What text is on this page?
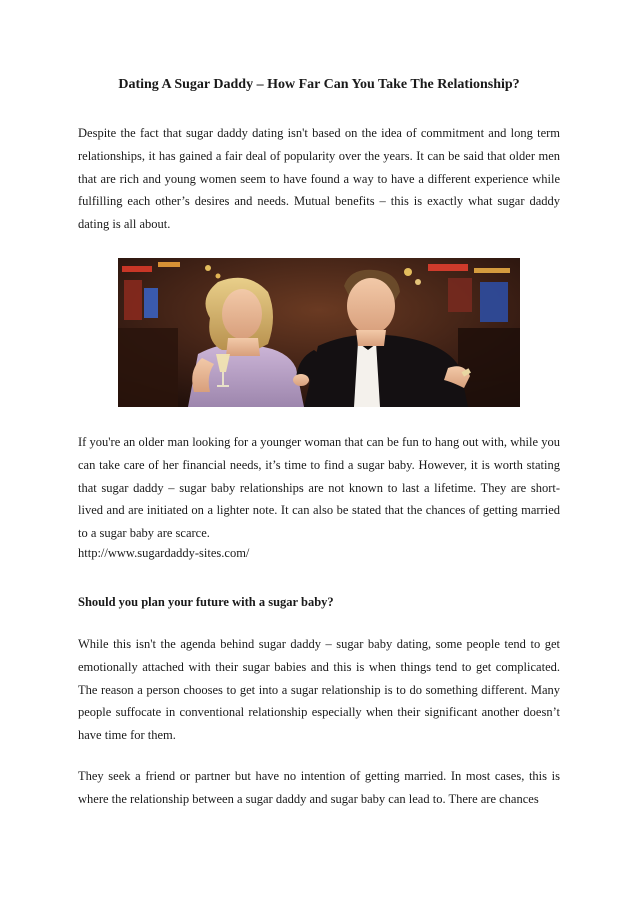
Dating A Sugar Daddy – How Far Can You Take The Relationship?

Despite the fact that sugar daddy dating isn't based on the idea of commitment and long term relationships, it has gained a fair deal of popularity over the years. It can be said that older men that are rich and young women seem to have found a way to have a different experience while fulfilling each other’s desires and needs. Mutual benefits – this is exactly what sugar daddy dating is all about.

If you're an older man looking for a younger woman that can be fun to hang out with, while you can take care of her financial needs, it’s time to find a sugar baby. However, it is worth stating that sugar daddy – sugar baby relationships are not known to last a lifetime. They are short-lived and are initiated on a lighter note. It can also be stated that the chances of getting married to a sugar baby are scarce.

http://www.sugardaddy-sites.com/
Should you plan your future with a sugar baby?

While this isn't the agenda behind sugar daddy – sugar baby dating, some people tend to get emotionally attached with their sugar babies and this is when things tend to get complicated. The reason a person chooses to get into a sugar relationship is to do something different. Many people suffocate in conventional relationship especially when their significant another doesn’t have time for them.

They seek a friend or partner but have no intention of getting married. In most cases, this is where the relationship between a sugar daddy and sugar baby can lead to. There are chances
